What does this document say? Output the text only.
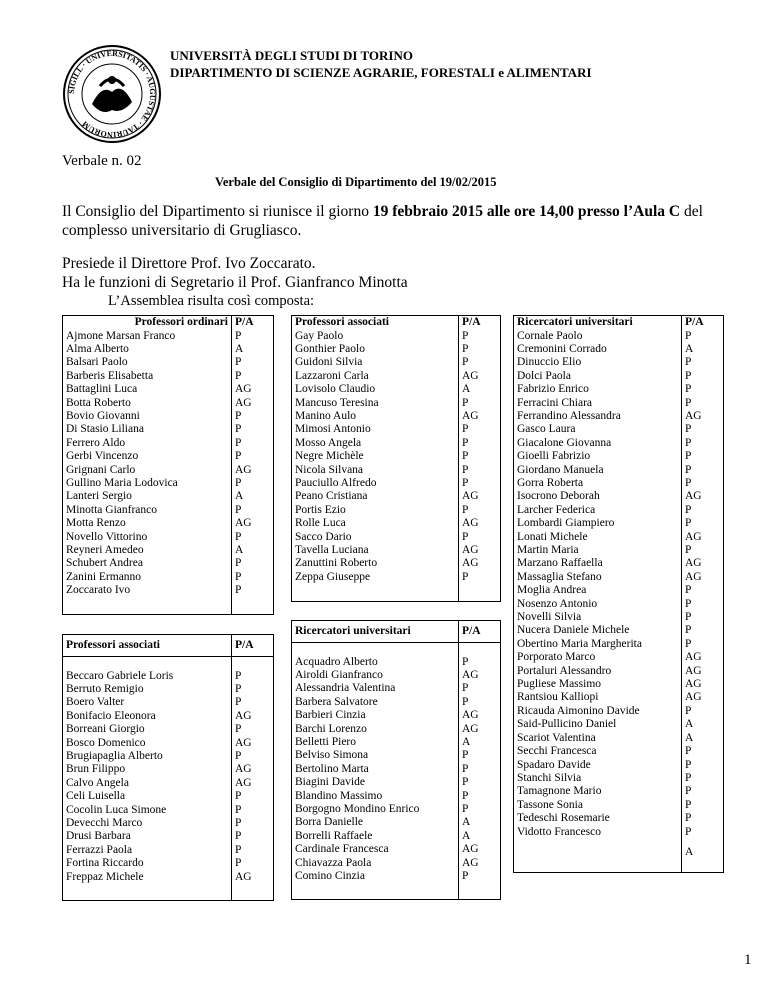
SIGILL · UNIVERSITATIS · AUGUSTAE · TAURINORUM
UNIVERSITÀ DEGLI STUDI DI TORINO
DIPARTIMENTO DI SCIENZE AGRARIE, FORESTALI e ALIMENTARI
Verbale n. 02
Verbale del Consiglio di Dipartimento del 19/02/2015
Il Consiglio del Dipartimento si riunisce il giorno 19 febbraio 2015 alle ore 14,00 presso l’Aula C del complesso universitario di Grugliasco.
Presiede il Direttore Prof. Ivo Zoccarato.
Ha le funzioni di Segretario il Prof. Gianfranco Minotta
L’Assemblea risulta così composta:
Professori ordinari	P/A
Ajmone Marsan Franco	P
Alma Alberto	A
Balsari Paolo	P
Barberis Elisabetta	P
Battaglini Luca	AG
Botta Roberto	AG
Bovio Giovanni	P
Di Stasio Liliana	P
Ferrero Aldo	P
Gerbi Vincenzo	P
Grignani Carlo	AG
Gullino Maria Lodovica	P
Lanteri Sergio	A
Minotta Gianfranco	P
Motta Renzo	AG
Novello Vittorino	P
Reyneri Amedeo	A
Schubert Andrea	P
Zanini Ermanno	P
Zoccarato Ivo	P

Professori associati	P/A

Beccaro Gabriele Loris	P
Berruto Remigio	P
Boero Valter	P
Bonifacio Eleonora	AG
Borreani Giorgio	P
Bosco Domenico	AG
Brugiapaglia Alberto	P
Brun Filippo	AG
Calvo Angela	AG
Celi Luisella	P
Cocolin Luca Simone	P
Devecchi Marco	P
Drusi Barbara	P
Ferrazzi Paola	P
Fortina Riccardo	P
Freppaz Michele	AG

Professori associati	P/A
Gay Paolo	P
Gonthier Paolo	P
Guidoni Silvia	P
Lazzaroni Carla	AG
Lovisolo Claudio	A
Mancuso Teresina	P
Manino Aulo	AG
Mimosi Antonio	P
Mosso Angela	P
Negre Michèle	P
Nicola Silvana	P
Pauciullo Alfredo	P
Peano Cristiana	AG
Portis Ezio	P
Rolle Luca	AG
Sacco Dario	P
Tavella Luciana	AG
Zanuttini Roberto	AG
Zeppa Giuseppe	P

Ricercatori universitari	P/A

Acquadro Alberto	P
Airoldi Gianfranco	AG
Alessandria Valentina	P
Barbera Salvatore	P
Barbieri Cinzia	AG
Barchi Lorenzo	AG
Belletti Piero	A
Belviso Simona	P
Bertolino Marta	P
Biagini Davide	P
Blandino Massimo	P
Borgogno Mondino Enrico	P
Borra Danielle	A
Borrelli Raffaele	A
Cardinale Francesca	AG
Chiavazza Paola	AG
Comino Cinzia	P

Ricercatori universitari	P/A
Cornale Paolo	P
Cremonini Corrado	A
Dinuccio Elio	P
Dolci Paola	P
Fabrizio Enrico	P
Ferracini Chiara	P
Ferrandino Alessandra	AG
Gasco Laura	P
Giacalone Giovanna	P
Gioelli Fabrizio	P
Giordano Manuela	P
Gorra Roberta	P
Isocrono Deborah	AG
Larcher Federica	P
Lombardi Giampiero	P
Lonati Michele	AG
Martin Maria	P
Marzano Raffaella	AG
Massaglia Stefano	AG
Moglia Andrea	P
Nosenzo Antonio	P
Novelli Silvia	P
Nucera Daniele Michele	P
Obertino Maria Margherita	P
Porporato Marco	AG
Portaluri Alessandro	AG
Pugliese Massimo	AG
Rantsiou Kalliopi	AG
Ricauda Aimonino Davide	P
Said-Pullicino Daniel	A
Scariot Valentina	A
Secchi Francesca	P
Spadaro Davide	P
Stanchi Silvia	P
Tamagnone Mario	P
Tassone Sonia	P
Tedeschi Rosemarie	P
Vidotto Francesco	P
	A

1
